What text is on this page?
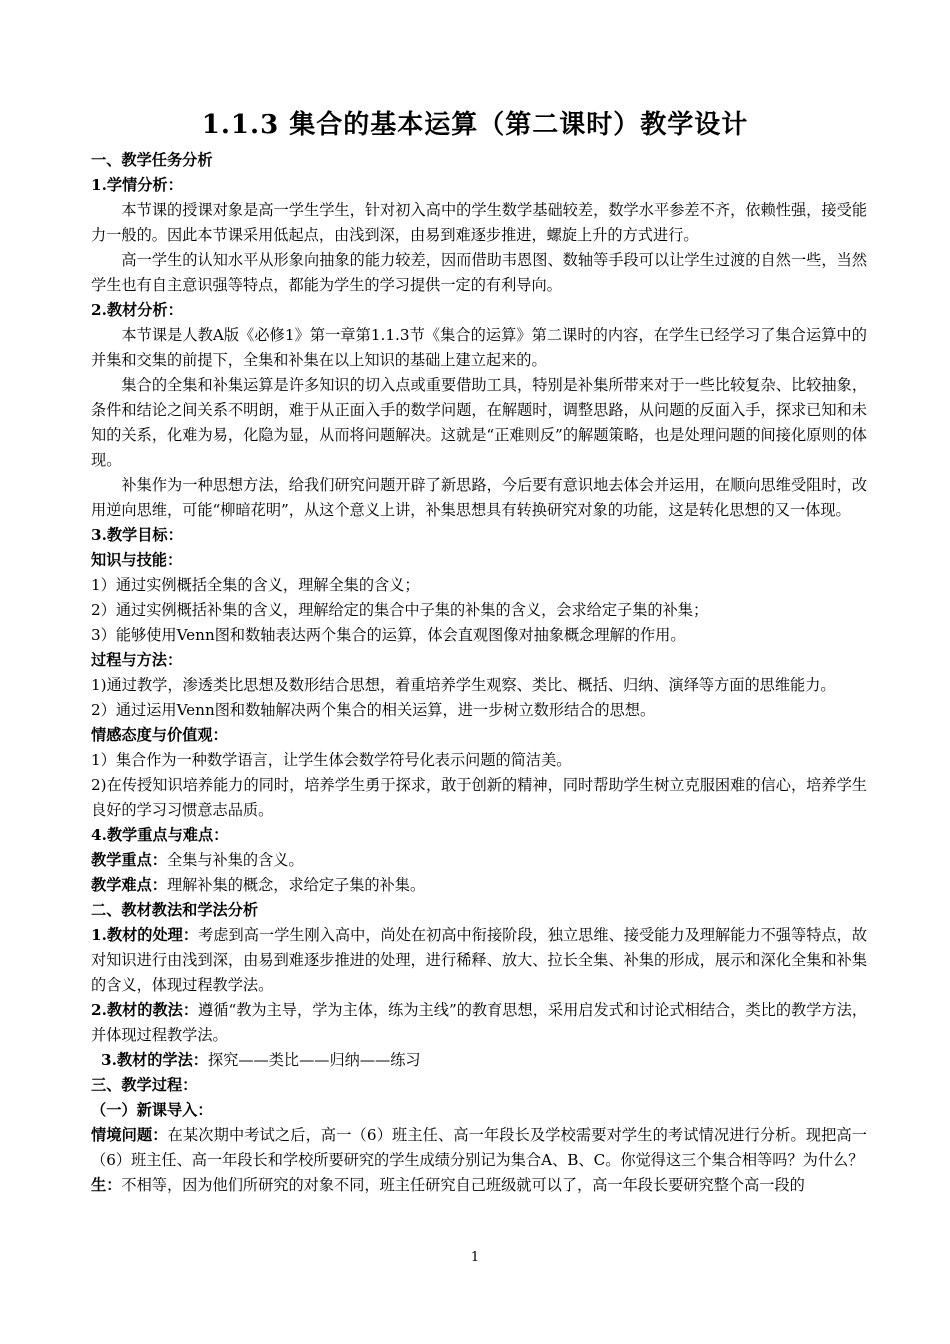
1.1.3 集合的基本运算（第二课时）教学设计

一、教学任务分析

1.学情分析：

本节课的授课对象是高一学生学生，针对初入高中的学生数学基础较差，数学水平参差不齐，依赖性强，接受能力一般的。因此本节课采用低起点，由浅到深，由易到难逐步推进，螺旋上升的方式进行。

高一学生的认知水平从形象向抽象的能力较差，因而借助韦恩图、数轴等手段可以让学生过渡的自然一些，当然学生也有自主意识强等特点，都能为学生的学习提供一定的有利导向。

2.教材分析：

本节课是人教A版《必修1》第一章第1.1.3节《集合的运算》第二课时的内容，在学生已经学习了集合运算中的并集和交集的前提下，全集和补集在以上知识的基础上建立起来的。

集合的全集和补集运算是许多知识的切入点或重要借助工具，特别是补集所带来对于一些比较复杂、比较抽象，条件和结论之间关系不明朗，难于从正面入手的数学问题，在解题时，调整思路，从问题的反面入手，探求已知和未知的关系，化难为易，化隐为显，从而将问题解决。这就是“正难则反”的解题策略，也是处理问题的间接化原则的体现。

补集作为一种思想方法，给我们研究问题开辟了新思路，今后要有意识地去体会并运用，在顺向思维受阻时，改用逆向思维，可能“柳暗花明”，从这个意义上讲，补集思想具有转换研究对象的功能，这是转化思想的又一体现。

3.教学目标：

知识与技能：

1）通过实例概括全集的含义，理解全集的含义；

2）通过实例概括补集的含义，理解给定的集合中子集的补集的含义，会求给定子集的补集；

3）能够使用Venn图和数轴表达两个集合的运算，体会直观图像对抽象概念理解的作用。

过程与方法：

1)通过教学，渗透类比思想及数形结合思想，着重培养学生观察、类比、概括、归纳、演绎等方面的思维能力。

2）通过运用Venn图和数轴解决两个集合的相关运算，进一步树立数形结合的思想。

情感态度与价值观：

1）集合作为一种数学语言，让学生体会数学符号化表示问题的简洁美。

2)在传授知识培养能力的同时，培养学生勇于探求，敢于创新的精神，同时帮助学生树立克服困难的信心，培养学生良好的学习习惯意志品质。

4.教学重点与难点：

教学重点：全集与补集的含义。

教学难点：理解补集的概念，求给定子集的补集。

二、教材教法和学法分析

1.教材的处理：考虑到高一学生刚入高中，尚处在初高中衔接阶段，独立思维、接受能力及理解能力不强等特点，故对知识进行由浅到深，由易到难逐步推进的处理，进行稀释、放大、拉长全集、补集的形成，展示和深化全集和补集的含义，体现过程教学法。

2.教材的教法：遵循“教为主导，学为主体，练为主线”的教育思想，采用启发式和讨论式相结合，类比的教学方法，并体现过程教学法。

3.教材的学法：探究——类比——归纳——练习

三、教学过程：

（一）新课导入：

情境问题：在某次期中考试之后，高一（6）班主任、高一年段长及学校需要对学生的考试情况进行分析。现把高一（6）班主任、高一年段长和学校所要研究的学生成绩分别记为集合A、B、C。你觉得这三个集合相等吗？为什么？

生：不相等，因为他们所研究的对象不同，班主任研究自己班级就可以了，高一年段长要研究整个高一段的

1
